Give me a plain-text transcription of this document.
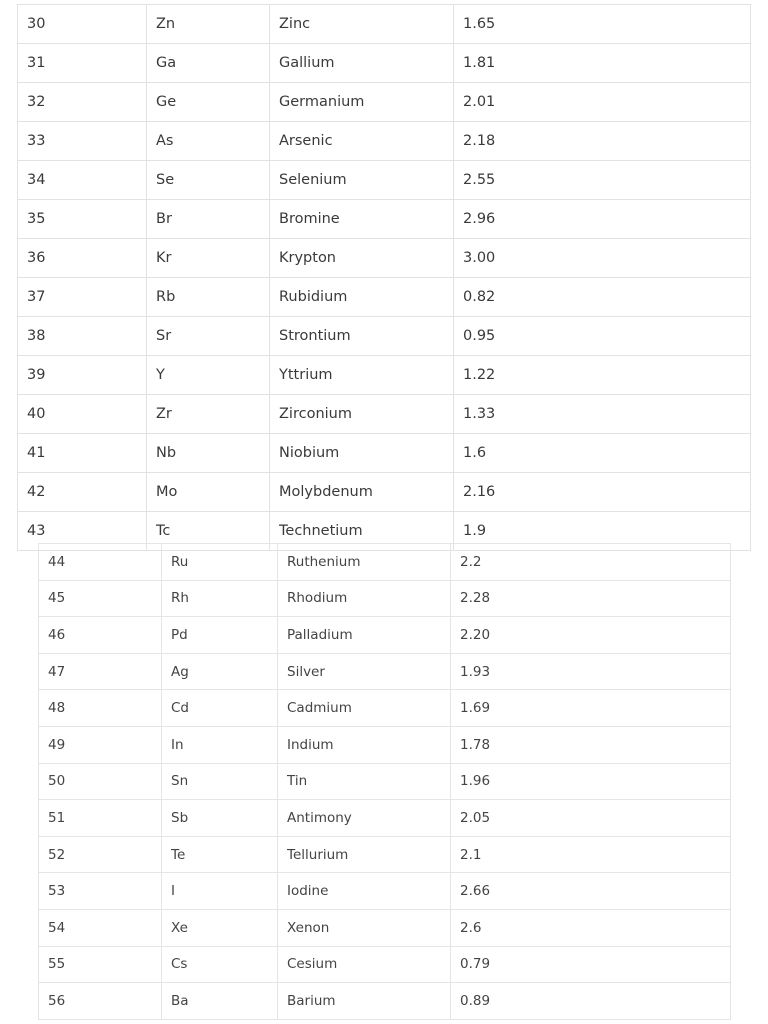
30	Zn	Zinc	1.65
31	Ga	Gallium	1.81
32	Ge	Germanium	2.01
33	As	Arsenic	2.18
34	Se	Selenium	2.55
35	Br	Bromine	2.96
36	Kr	Krypton	3.00
37	Rb	Rubidium	0.82
38	Sr	Strontium	0.95
39	Y	Yttrium	1.22
40	Zr	Zirconium	1.33
41	Nb	Niobium	1.6
42	Mo	Molybdenum	2.16
43	Tc	Technetium	1.9
44	Ru	Ruthenium	2.2
45	Rh	Rhodium	2.28
46	Pd	Palladium	2.20
47	Ag	Silver	1.93
48	Cd	Cadmium	1.69
49	In	Indium	1.78
50	Sn	Tin	1.96
51	Sb	Antimony	2.05
52	Te	Tellurium	2.1
53	I	Iodine	2.66
54	Xe	Xenon	2.6
55	Cs	Cesium	0.79
56	Ba	Barium	0.89
